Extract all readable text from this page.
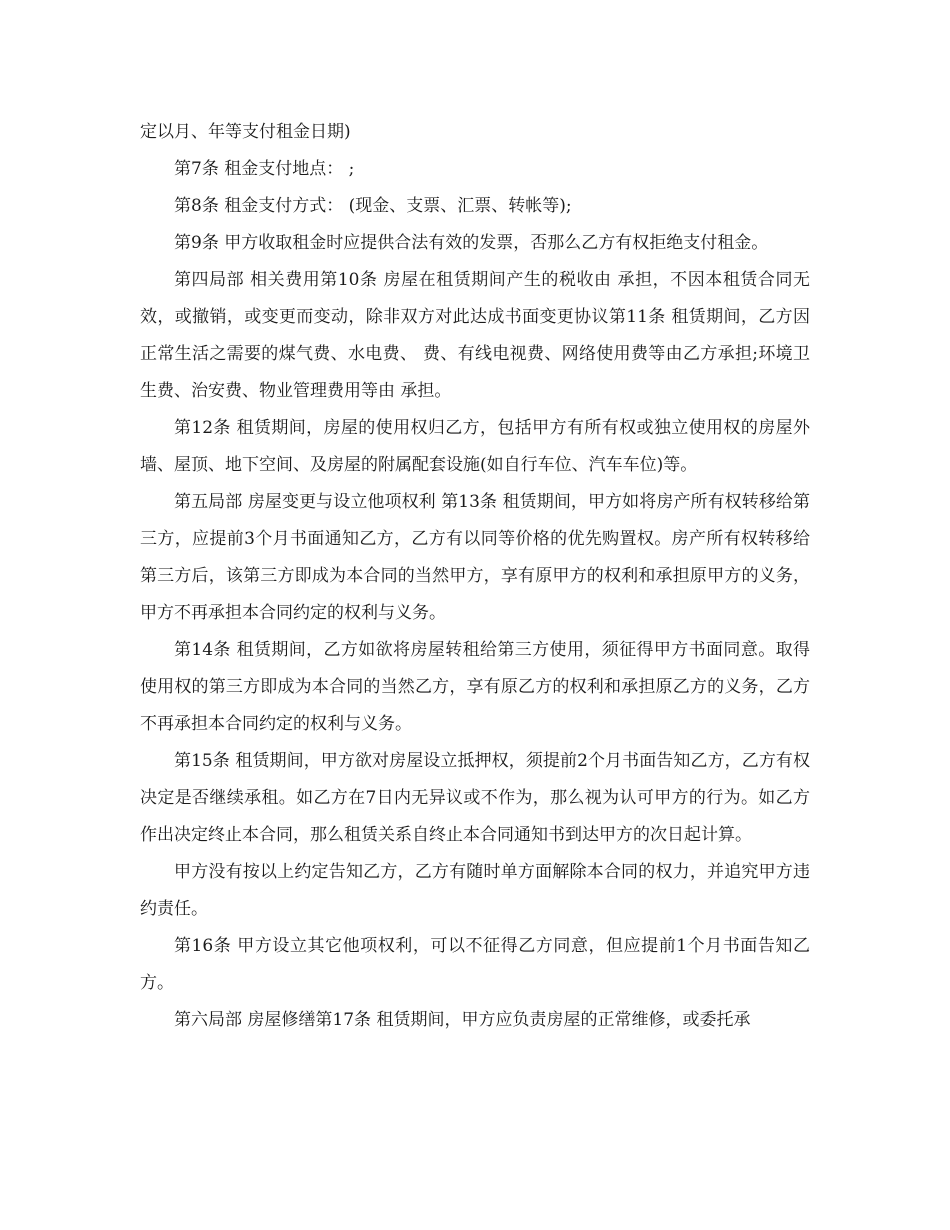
定以月、年等支付租金日期)

第7条 租金支付地点： ;

第8条 租金支付方式： (现金、支票、汇票、转帐等);

第9条 甲方收取租金时应提供合法有效的发票，否那么乙方有权拒绝支付租金。

第四局部 相关费用第10条 房屋在租赁期间产生的税收由 承担，不因本租赁合同无效，或撤销，或变更而变动，除非双方对此达成书面变更协议第11条 租赁期间，乙方因正常生活之需要的煤气费、水电费、 费、有线电视费、网络使用费等由乙方承担;环境卫生费、治安费、物业管理费用等由 承担。

第12条 租赁期间，房屋的使用权归乙方，包括甲方有所有权或独立使用权的房屋外墙、屋顶、地下空间、及房屋的附属配套设施(如自行车位、汽车车位)等。

第五局部 房屋变更与设立他项权利 第13条 租赁期间，甲方如将房产所有权转移给第三方，应提前3个月书面通知乙方，乙方有以同等价格的优先购置权。房产所有权转移给第三方后，该第三方即成为本合同的当然甲方，享有原甲方的权利和承担原甲方的义务，甲方不再承担本合同约定的权利与义务。

第14条 租赁期间，乙方如欲将房屋转租给第三方使用，须征得甲方书面同意。取得使用权的第三方即成为本合同的当然乙方，享有原乙方的权利和承担原乙方的义务，乙方不再承担本合同约定的权利与义务。

第15条 租赁期间，甲方欲对房屋设立抵押权，须提前2个月书面告知乙方，乙方有权决定是否继续承租。如乙方在7日内无异议或不作为，那么视为认可甲方的行为。如乙方作出决定终止本合同，那么租赁关系自终止本合同通知书到达甲方的次日起计算。

甲方没有按以上约定告知乙方，乙方有随时单方面解除本合同的权力，并追究甲方违约责任。

第16条 甲方设立其它他项权利，可以不征得乙方同意，但应提前1个月书面告知乙方。

第六局部 房屋修缮第17条 租赁期间，甲方应负责房屋的正常维修，或委托承
